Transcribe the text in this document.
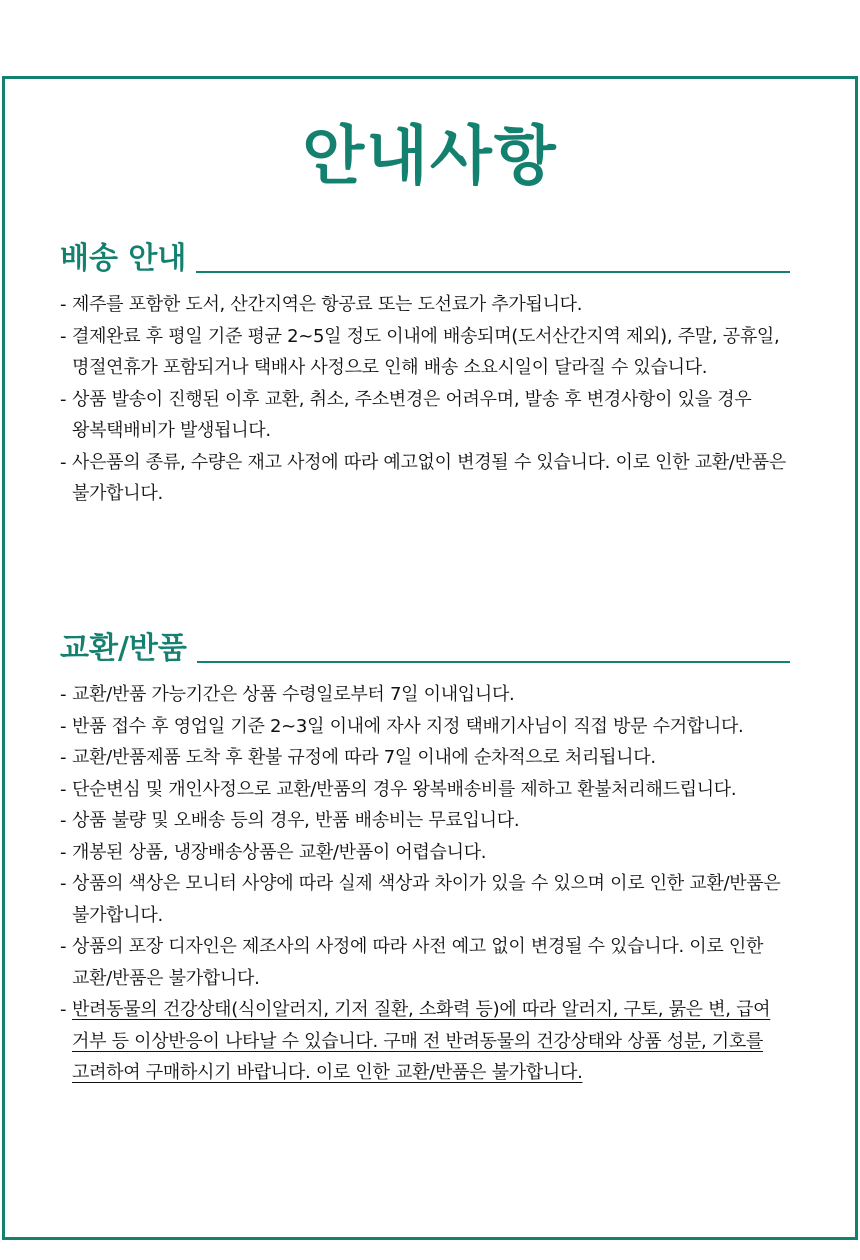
안내사항
배송 안내
- 제주를 포함한 도서, 산간지역은 항공료 또는 도선료가 추가됩니다.
- 결제완료 후 평일 기준 평균 2~5일 정도 이내에 배송되며(도서산간지역 제외), 주말, 공휴일, 명절연휴가 포함되거나 택배사 사정으로 인해 배송 소요시일이 달라질 수 있습니다.
- 상품 발송이 진행된 이후 교환, 취소, 주소변경은 어려우며, 발송 후 변경사항이 있을 경우 왕복택배비가 발생됩니다.
- 사은품의 종류, 수량은 재고 사정에 따라 예고없이 변경될 수 있습니다. 이로 인한 교환/반품은 불가합니다.
교환/반품
- 교환/반품 가능기간은 상품 수령일로부터 7일 이내입니다.
- 반품 접수 후 영업일 기준 2~3일 이내에 자사 지정 택배기사님이 직접 방문 수거합니다.
- 교환/반품제품 도착 후 환불 규정에 따라 7일 이내에 순차적으로 처리됩니다.
- 단순변심 및 개인사정으로 교환/반품의 경우 왕복배송비를 제하고 환불처리해드립니다.
- 상품 불량 및 오배송 등의 경우, 반품 배송비는 무료입니다.
- 개봉된 상품, 냉장배송상품은 교환/반품이 어렵습니다.
- 상품의 색상은 모니터 사양에 따라 실제 색상과 차이가 있을 수 있으며 이로 인한 교환/반품은 불가합니다.
- 상품의 포장 디자인은 제조사의 사정에 따라 사전 예고 없이 변경될 수 있습니다. 이로 인한 교환/반품은 불가합니다.
- 반려동물의 건강상태(식이알러지, 기저 질환, 소화력 등)에 따라 알러지, 구토, 묽은 변, 급여 거부 등 이상반응이 나타날 수 있습니다. 구매 전 반려동물의 건강상태와 상품 성분, 기호를 고려하여 구매하시기 바랍니다. 이로 인한 교환/반품은 불가합니다.
